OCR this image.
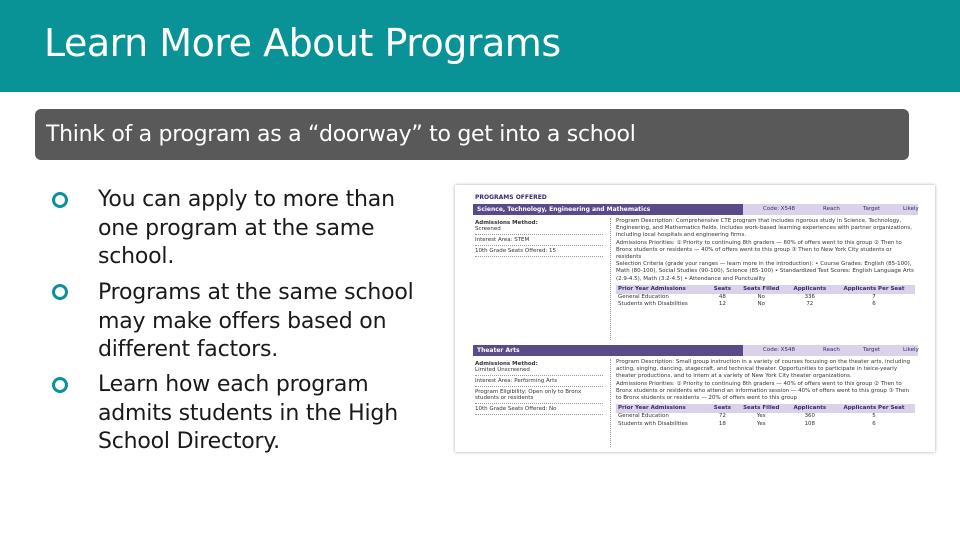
Learn More About Programs
Think of a program as a “doorway” to get into a school
You can apply to more than one program at the same school.
Programs at the same school may make offers based on different factors.
Learn how each program admits students in the High School Directory.
PROGRAMS OFFERED
Science, Technology, Engineering and Mathematics	Code: X548	Reach	Target	Likely
Admissions Method:
Screened
Interest Area: STEM
10th Grade Seats Offered: 15
Program Description: Comprehensive CTE program that includes rigorous study in Science, Technology, Engineering, and Mathematics fields. Includes work-based learning experiences with partner organizations, including local hospitals and engineering firms.
Admissions Priorities: ① Priority to continuing 8th graders — 60% of offers went to this group ② Then to Bronx students or residents — 40% of offers went to this group ③ Then to New York City students or residents
Selection Criteria (grade your ranges — learn more in the introduction): • Course Grades: English (85-100), Math (80-100), Social Studies (90-100), Science (85-100) • Standardized Test Scores: English Language Arts (2.9-4.5), Math (3.2-4.5) • Attendance and Punctuality
Prior Year Admissions	Seats	Seats Filled	Applicants	Applicants Per Seat
General Education	48	No	336	7
Students with Disabilities	12	No	72	6
Theater Arts	Code: X548	Reach	Target	Likely
Admissions Method:
Limited Unscreened
Interest Area: Performing Arts
Program Eligibility: Open only to Bronx students or residents
10th Grade Seats Offered: No
Program Description: Small group instruction in a variety of courses focusing on the theater arts, including acting, singing, dancing, stagecraft, and technical theater. Opportunities to participate in twice-yearly theater productions, and to intern at a variety of New York City theater organizations.
Admissions Priorities: ① Priority to continuing 8th graders — 40% of offers went to this group ② Then to Bronx students or residents who attend an information session — 40% of offers went to this group ③ Then to Bronx students or residents — 20% of offers went to this group
Prior Year Admissions	Seats	Seats Filled	Applicants	Applicants Per Seat
General Education	72	Yes	360	5
Students with Disabilities	18	Yes	108	6
